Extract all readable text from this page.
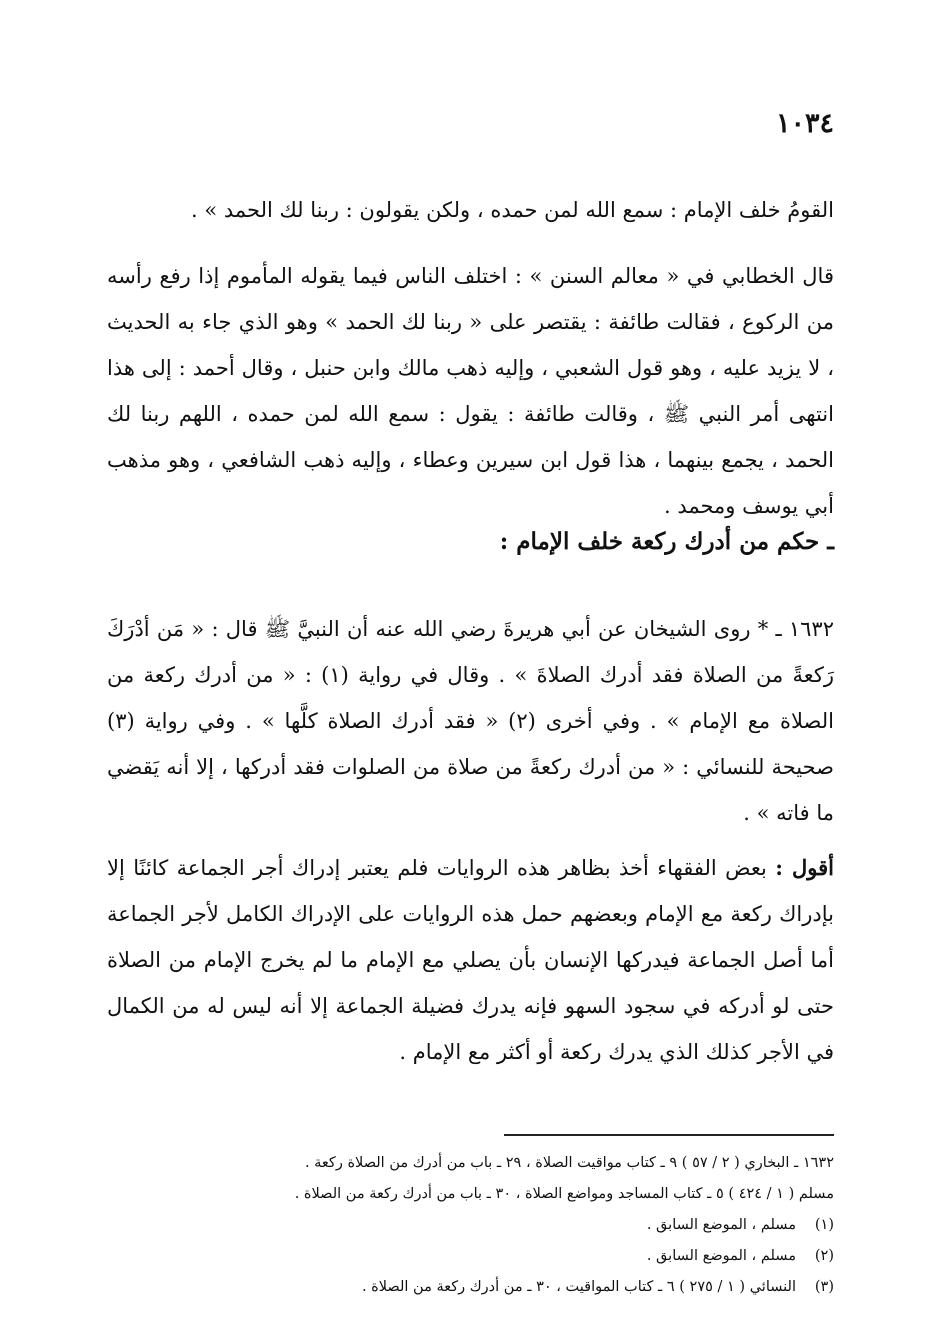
١٠٣٤

القومُ خلف الإمام : سمع الله لمن حمده ، ولكن يقولون : ربنا لك الحمد » .

قال الخطابي في « معالم السنن » : اختلف الناس فيما يقوله المأموم إذا رفع رأسه من الركوع ، فقالت طائفة : يقتصر على « ربنا لك الحمد » وهو الذي جاء به الحديث ، لا يزيد عليه ، وهو قول الشعبي ، وإليه ذهب مالك وابن حنبل ، وقال أحمد : إلى هذا انتهى أمر النبي ﷺ ، وقالت طائفة : يقول : سمع الله لمن حمده ، اللهم ربنا لك الحمد ، يجمع بينهما ، هذا قول ابن سيرين وعطاء ، وإليه ذهب الشافعي ، وهو مذهب أبي يوسف ومحمد .

ـ حكم من أدرك ركعة خلف الإمام :

١٦٣٢ ـ * روى الشيخان عن أبي هريرةَ رضي الله عنه أن النبيَّ ﷺ قال : « مَن أدْرَكَ رَكعةً من الصلاة فقد أدرك الصلاةَ » . وقال في رواية (١) : « من أدرك ركعة من الصلاة مع الإمام » . وفي أخرى (٢) « فقد أدرك الصلاة كلَّها » . وفي رواية (٣) صحيحة للنسائي : « من أدرك ركعةً من صلاة من الصلوات فقد أدركها ، إلا أنه يَقضي ما فاته » .

أقول : بعض الفقهاء أخذ بظاهر هذه الروايات فلم يعتبر إدراك أجر الجماعة كائنًا إلا بإدراك ركعة مع الإمام وبعضهم حمل هذه الروايات على الإدراك الكامل لأجر الجماعة أما أصل الجماعة فيدركها الإنسان بأن يصلي مع الإمام ما لم يخرج الإمام من الصلاة حتى لو أدركه في سجود السهو فإنه يدرك فضيلة الجماعة إلا أنه ليس له من الكمال في الأجر كذلك الذي يدرك ركعة أو أكثر مع الإمام .

١٦٣٢ ـ البخاري ( ٢ / ٥٧ ) ٩ ـ كتاب مواقيت الصلاة ، ٢٩ ـ باب من أدرك من الصلاة ركعة .
مسلم ( ١ / ٤٢٤ ) ٥ ـ كتاب المساجد ومواضع الصلاة ، ٣٠ ـ باب من أدرك ركعة من الصلاة .
(١)مسلم ، الموضع السابق .
(٢)مسلم ، الموضع السابق .
(٣)النسائي ( ١ / ٢٧٥ ) ٦ ـ كتاب المواقيت ، ٣٠ ـ من أدرك ركعة من الصلاة .
